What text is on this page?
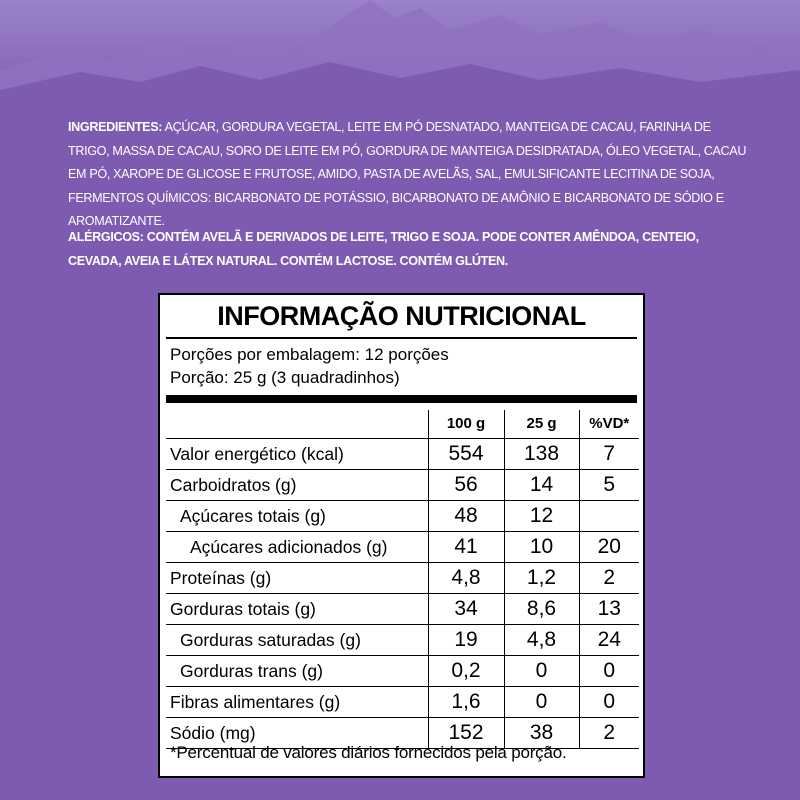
INGREDIENTES: AÇÚCAR, GORDURA VEGETAL, LEITE EM PÓ DESNATADO, MANTEIGA DE CACAU, FARINHA DE TRIGO, MASSA DE CACAU, SORO DE LEITE EM PÓ, GORDURA DE MANTEIGA DESIDRATADA, ÓLEO VEGETAL, CACAU EM PÓ, XAROPE DE GLICOSE E FRUTOSE, AMIDO, PASTA DE AVELÃS, SAL, EMULSIFICANTE LECITINA DE SOJA, FERMENTOS QUÍMICOS: BICARBONATO DE POTÁSSIO, BICARBONATO DE AMÔNIO E BICARBONATO DE SÓDIO E AROMATIZANTE.
ALÉRGICOS: CONTÉM AVELÃ E DERIVADOS DE LEITE, TRIGO E SOJA. PODE CONTER AMÊNDOA, CENTEIO, CEVADA, AVEIA E LÁTEX NATURAL. CONTÉM LACTOSE. CONTÉM GLÚTEN.
INFORMAÇÃO NUTRICIONAL
Porções por embalagem: 12 porções
Porção: 25 g (3 quadradinhos)
	100 g	25 g	%VD*
Valor energético (kcal)	554	138	7
Carboidratos (g)	56	14	5
Açúcares totais (g)	48	12	
Açúcares adicionados (g)	41	10	20
Proteínas (g)	4,8	1,2	2
Gorduras totais (g)	34	8,6	13
Gorduras saturadas (g)	19	4,8	24
Gorduras trans (g)	0,2	0	0
Fibras alimentares (g)	1,6	0	0
Sódio (mg)	152	38	2
*Percentual de valores diários fornecidos pela porção.
